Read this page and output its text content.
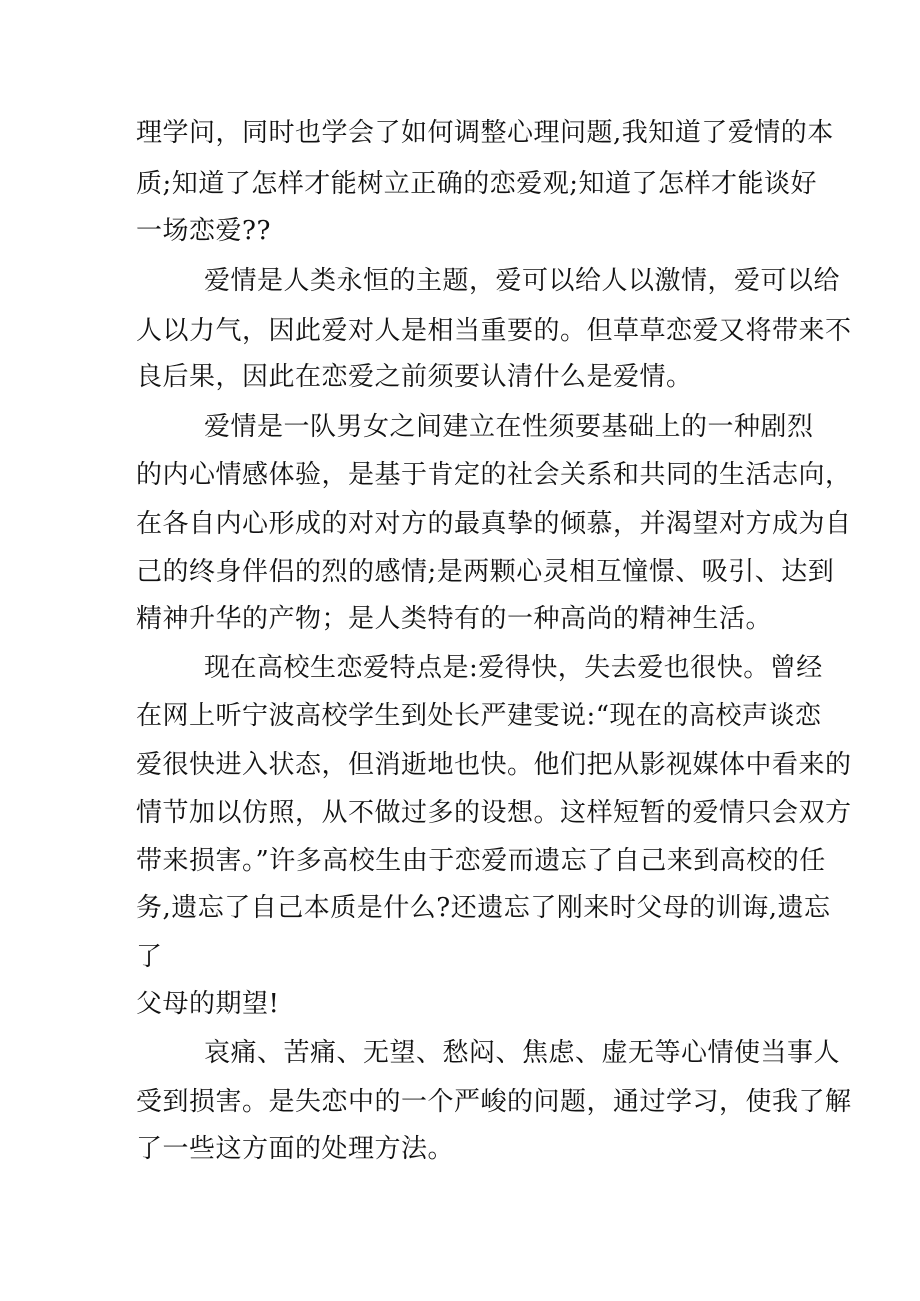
理学问，同时也学会了如何调整心理问题,我知道了爱情的本
质;知道了怎样才能树立正确的恋爱观;知道了怎样才能谈好
一场恋爱??
爱情是人类永恒的主题，爱可以给人以激情，爱可以给
人以力气，因此爱对人是相当重要的。但草草恋爱又将带来不
良后果，因此在恋爱之前须要认清什么是爱情。
爱情是一队男女之间建立在性须要基础上的一种剧烈
的内心情感体验，是基于肯定的社会关系和共同的生活志向，
在各自内心形成的对对方的最真挚的倾慕，并渴望对方成为自
己的终身伴侣的烈的感情;是两颗心灵相互憧憬、吸引、达到
精神升华的产物；是人类特有的一种高尚的精神生活。
现在高校生恋爱特点是:爱得快，失去爱也很快。曾经
在网上听宁波高校学生到处长严建雯说:“现在的高校声谈恋
爱很快进入状态，但消逝地也快。他们把从影视媒体中看来的
情节加以仿照，从不做过多的设想。这样短暂的爱情只会双方
带来损害。”许多高校生由于恋爱而遗忘了自己来到高校的任
务,遗忘了自己本质是什么?还遗忘了刚来时父母的训诲,遗忘
了
父母的期望!
哀痛、苦痛、无望、愁闷、焦虑、虚无等心情使当事人
受到损害。是失恋中的一个严峻的问题，通过学习，使我了解
了一些这方面的处理方法。
